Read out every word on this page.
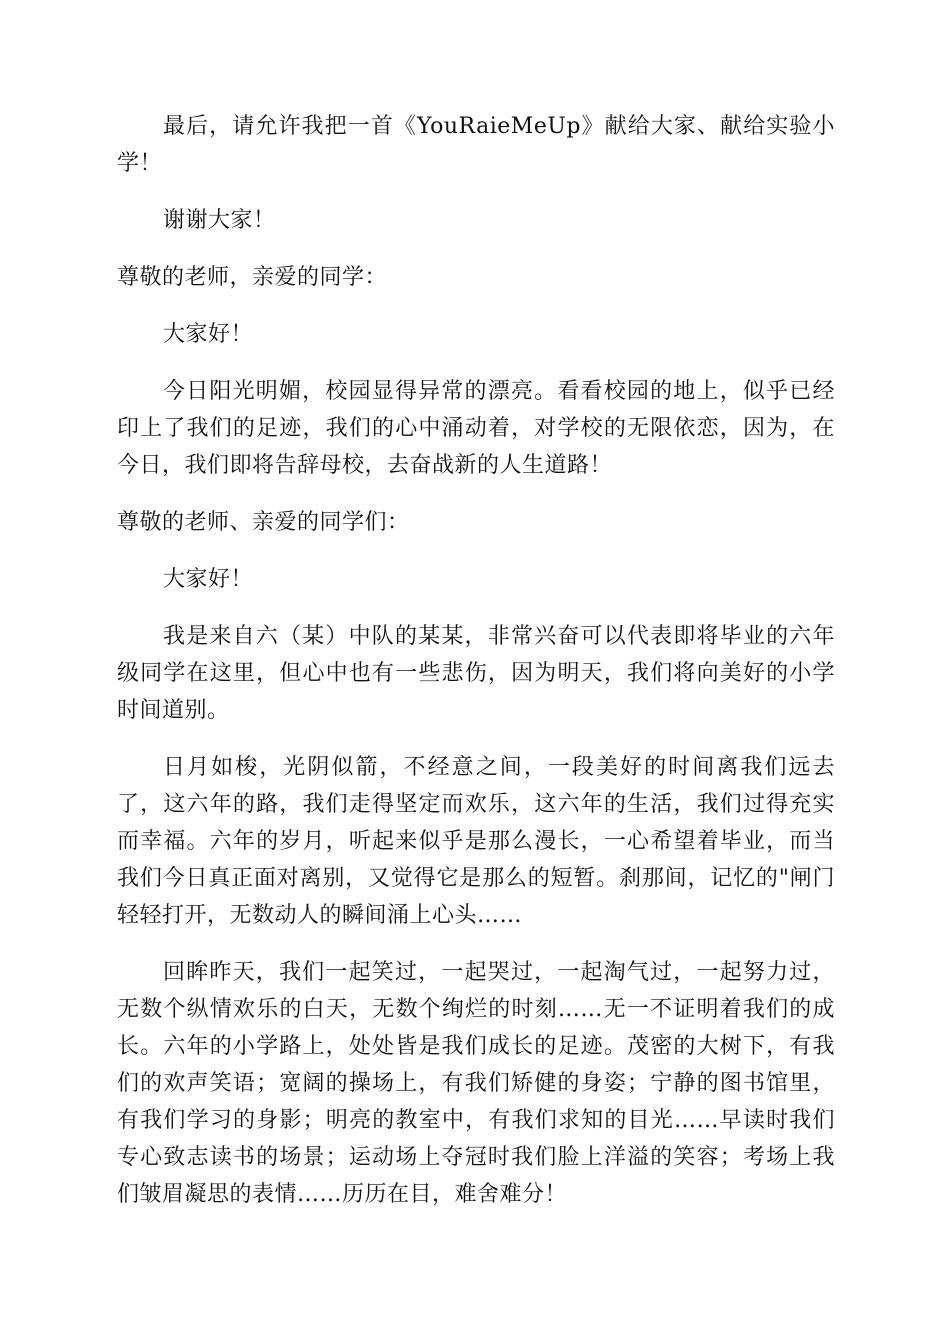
最后，请允许我把一首《YouRaieMeUp》献给大家、献给实验小学！

谢谢大家！

尊敬的老师，亲爱的同学：

大家好！

今日阳光明媚，校园显得异常的漂亮。看看校园的地上，似乎已经印上了我们的足迹，我们的心中涌动着，对学校的无限依恋，因为，在今日，我们即将告辞母校，去奋战新的人生道路！

尊敬的老师、亲爱的同学们：

大家好！

我是来自六（某）中队的某某，非常兴奋可以代表即将毕业的六年级同学在这里，但心中也有一些悲伤，因为明天，我们将向美好的小学时间道别。

日月如梭，光阴似箭，不经意之间，一段美好的时间离我们远去了，这六年的路，我们走得坚定而欢乐，这六年的生活，我们过得充实而幸福。六年的岁月，听起来似乎是那么漫长，一心希望着毕业，而当我们今日真正面对离别，又觉得它是那么的短暂。刹那间，记忆的"闸门轻轻打开，无数动人的瞬间涌上心头……

回眸昨天，我们一起笑过，一起哭过，一起淘气过，一起努力过，无数个纵情欢乐的白天，无数个绚烂的时刻……无一不证明着我们的成长。六年的小学路上，处处皆是我们成长的足迹。茂密的大树下，有我们的欢声笑语；宽阔的操场上，有我们矫健的身姿；宁静的图书馆里，有我们学习的身影；明亮的教室中，有我们求知的目光……早读时我们专心致志读书的场景；运动场上夺冠时我们脸上洋溢的笑容；考场上我们皱眉凝思的表情……历历在目，难舍难分！
